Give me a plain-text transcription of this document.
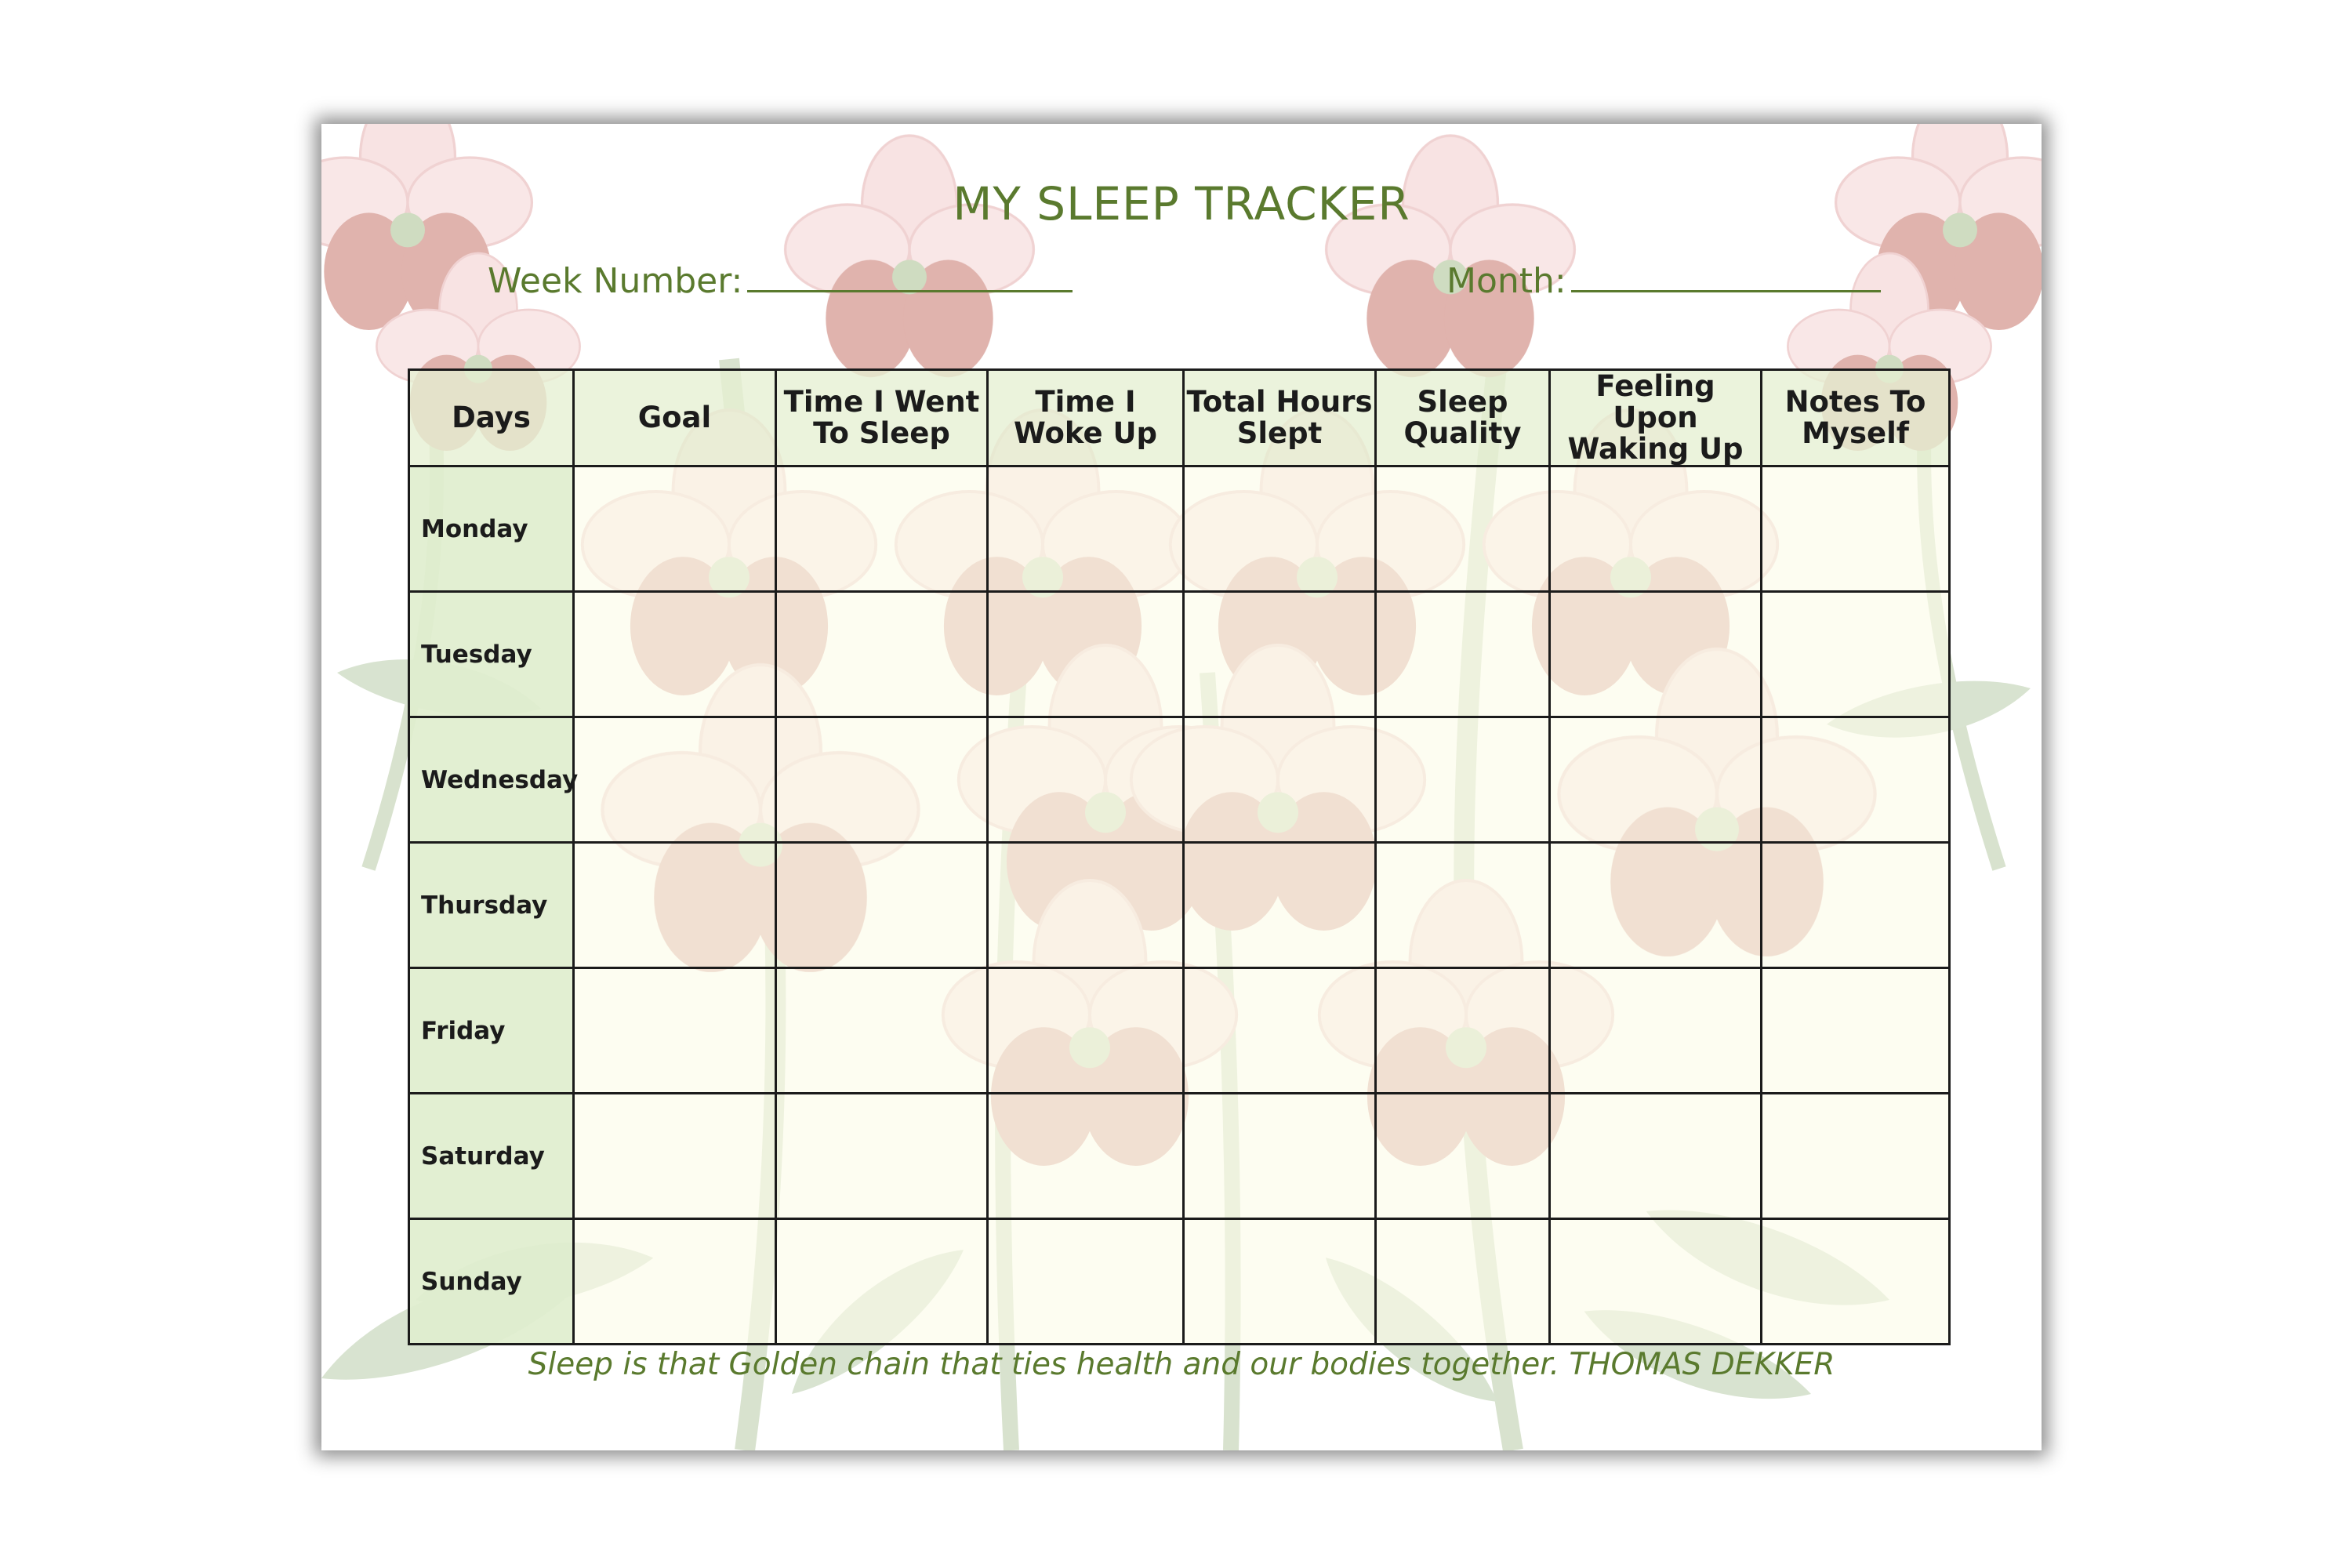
MY SLEEP TRACKER
Week Number:	Month:
Days	Goal	Time I Went To Sleep	Time I Woke Up	Total Hours Slept	Sleep Quality	Feeling Upon Waking Up	Notes To Myself
Monday							
Tuesday							
Wednesday							
Thursday							
Friday							
Saturday							
Sunday							
Sleep is that Golden chain that ties health and our bodies together. THOMAS DEKKER
